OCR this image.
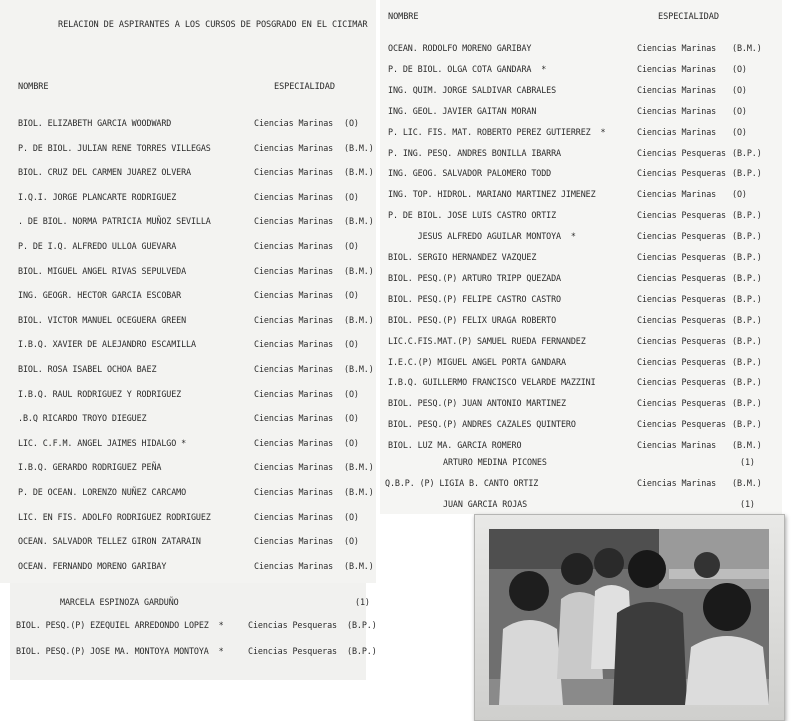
RELACION DE ASPIRANTES A LOS CURSOS DE POSGRADO EN EL CICIMAR
NOMBRE	ESPECIALIDAD
BIOL. ELIZABETH GARCIA WOODWARD	Ciencias Marinas (O)
P. DE BIOL. JULIAN RENE TORRES VILLEGAS	Ciencias Marinas (B.M.)
BIOL. CRUZ DEL CARMEN JUAREZ OLVERA	Ciencias Marinas (B.M.)
I.Q.I. JORGE PLANCARTE RODRIGUEZ	Ciencias Marinas (O)
. DE BIOL. NORMA PATRICIA MUÑOZ SEVILLA	Ciencias Marinas (B.M.)
P. DE I.Q. ALFREDO ULLOA GUEVARA	Ciencias Marinas (O)
BIOL. MIGUEL ANGEL RIVAS SEPULVEDA	Ciencias Marinas (B.M.)
ING. GEOGR. HECTOR GARCIA ESCOBAR	Ciencias Marinas (O)
BIOL. VICTOR MANUEL OCEGUERA GREEN	Ciencias Marinas (B.M.)
I.B.Q. XAVIER DE ALEJANDRO ESCAMILLA	Ciencias Marinas (O)
BIOL. ROSA ISABEL OCHOA BAEZ	Ciencias Marinas (B.M.)
I.B.Q. RAUL RODRIGUEZ Y RODRIGUEZ	Ciencias Marinas (O)
.B.Q RICARDO TROYO DIEGUEZ	Ciencias Marinas (O)
LIC. C.F.M. ANGEL JAIMES HIDALGO *	Ciencias Marinas (O)
I.B.Q. GERARDO RODRIGUEZ PEÑA	Ciencias Marinas (B.M.)
P. DE OCEAN. LORENZO NUÑEZ CARCAMO	Ciencias Marinas (B.M.)
LIC. EN FIS. ADOLFO RODRIGUEZ RODRIGUEZ	Ciencias Marinas (O)
OCEAN. SALVADOR TELLEZ GIRON ZATARAIN	Ciencias Marinas (O)
OCEAN. FERNANDO MORENO GARIBAY	Ciencias Marinas (B.M.)
MARCELA ESPINOZA GARDUÑO	(1)
BIOL. PESQ.(P) EZEQUIEL ARREDONDO LOPEZ  *	Ciencias Pesqueras (B.P.)
BIOL. PESQ.(P) JOSE MA. MONTOYA MONTOYA  *	Ciencias Pesqueras (B.P.)
NOMBRE	ESPECIALIDAD
OCEAN. RODOLFO MORENO GARIBAY	Ciencias Marinas (B.M.)
P. DE BIOL. OLGA COTA GANDARA  *	Ciencias Marinas (O)
ING. QUIM. JORGE SALDIVAR CABRALES	Ciencias Marinas (O)
ING. GEOL. JAVIER GAITAN MORAN	Ciencias Marinas (O)
P. LIC. FIS. MAT. ROBERTO PEREZ GUTIERREZ  *	Ciencias Marinas (O)
P. ING. PESQ. ANDRES BONILLA IBARRA	Ciencias Pesqueras (B.P.)
ING. GEOG. SALVADOR PALOMERO TODD	Ciencias Pesqueras (B.P.)
ING. TOP. HIDROL. MARIANO MARTINEZ JIMENEZ	Ciencias Marinas (O)
P. DE BIOL. JOSE LUIS CASTRO ORTIZ	Ciencias Pesqueras (B.P.)
JESUS ALFREDO AGUILAR MONTOYA  *	Ciencias Pesqueras (B.P.)
BIOL. SERGIO HERNANDEZ VAZQUEZ	Ciencias Pesqueras (B.P.)
BIOL. PESQ.(P) ARTURO TRIPP QUEZADA	Ciencias Pesqueras (B.P.)
BIOL. PESQ.(P) FELIPE CASTRO CASTRO	Ciencias Pesqueras (B.P.)
BIOL. PESQ.(P) FELIX URAGA ROBERTO	Ciencias Pesqueras (B.P.)
LIC.C.FIS.MAT.(P) SAMUEL RUEDA FERNANDEZ	Ciencias Pesqueras (B.P.)
I.E.C.(P) MIGUEL ANGEL PORTA GANDARA	Ciencias Pesqueras (B.P.)
I.B.Q. GUILLERMO FRANCISCO VELARDE MAZZINI	Ciencias Pesqueras (B.P.)
BIOL. PESQ.(P) JUAN ANTONIO MARTINEZ	Ciencias Pesqueras (B.P.)
BIOL. PESQ.(P) ANDRES CAZALES QUINTERO	Ciencias Pesqueras (B.P.)
BIOL. LUZ MA. GARCIA ROMERO	Ciencias Marinas (B.M.)
ARTURO MEDINA PICONES	(1)
Q.B.P. (P) LIGIA B. CANTO ORTIZ	Ciencias Marinas (B.M.)
JUAN GARCIA ROJAS	(1)
